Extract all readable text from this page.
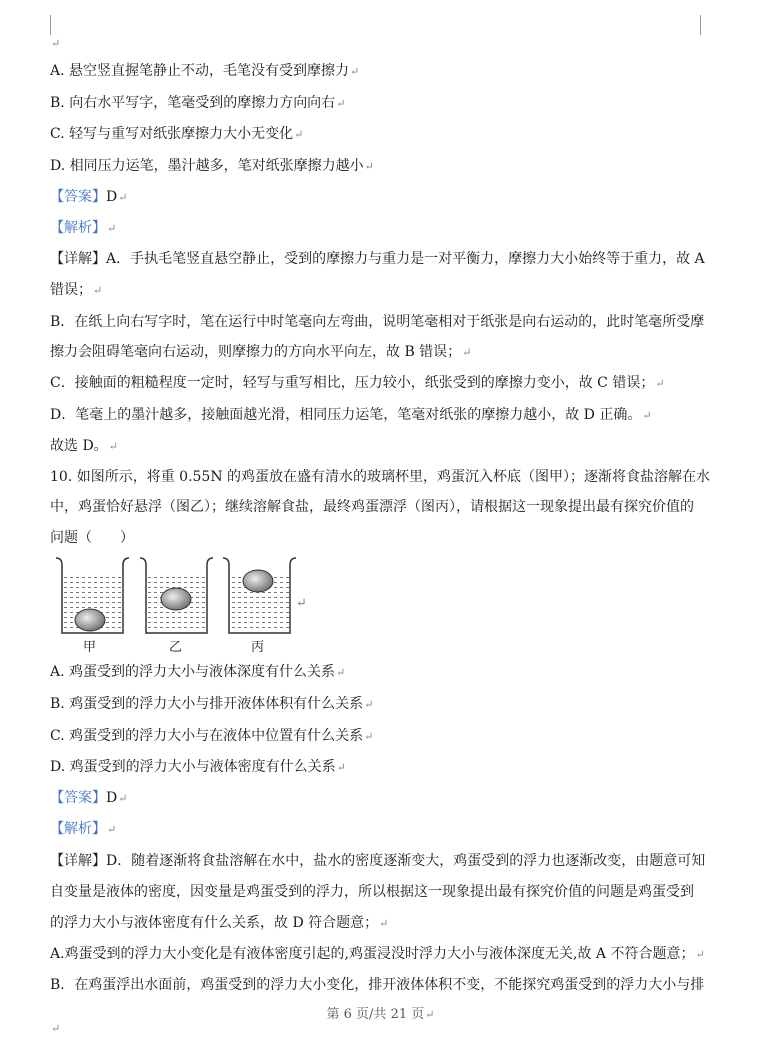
↵
A. 悬空竖直握笔静止不动，毛笔没有受到摩擦力↵
B. 向右水平写字，笔毫受到的摩擦力方向向右↵
C. 轻写与重写对纸张摩擦力大小无变化↵
D. 相同压力运笔，墨汁越多，笔对纸张摩擦力越小↵
【答案】D↵
【解析】↵
【详解】A．手执毛笔竖直悬空静止，受到的摩擦力与重力是一对平衡力，摩擦力大小始终等于重力，故 A
错误；↵
B．在纸上向右写字时，笔在运行中时笔毫向左弯曲，说明笔毫相对于纸张是向右运动的，此时笔毫所受摩
擦力会阻碍笔毫向右运动，则摩擦力的方向水平向左，故 B 错误；↵
C．接触面的粗糙程度一定时，轻写与重写相比，压力较小，纸张受到的摩擦力变小，故 C 错误；↵
D．笔毫上的墨汁越多，接触面越光滑，相同压力运笔，笔毫对纸张的摩擦力越小，故 D 正确。↵
故选 D。↵
10. 如图所示，将重 0.55N 的鸡蛋放在盛有清水的玻璃杯里，鸡蛋沉入杯底（图甲）；逐渐将食盐溶解在水
中，鸡蛋恰好悬浮（图乙）；继续溶解食盐，最终鸡蛋漂浮（图丙），请根据这一现象提出最有探究价值的
问题（　　）
甲	乙	丙
↵
A. 鸡蛋受到的浮力大小与液体深度有什么关系↵
B. 鸡蛋受到的浮力大小与排开液体体积有什么关系↵
C. 鸡蛋受到的浮力大小与在液体中位置有什么关系↵
D. 鸡蛋受到的浮力大小与液体密度有什么关系↵
【答案】D↵
【解析】↵
【详解】D．随着逐渐将食盐溶解在水中，盐水的密度逐渐变大，鸡蛋受到的浮力也逐渐改变，由题意可知
自变量是液体的密度，因变量是鸡蛋受到的浮力，所以根据这一现象提出最有探究价值的问题是鸡蛋受到
的浮力大小与液体密度有什么关系，故 D 符合题意；↵
A.鸡蛋受到的浮力大小变化是有液体密度引起的,鸡蛋浸没时浮力大小与液体深度无关,故 A 不符合题意；↵
B．在鸡蛋浮出水面前，鸡蛋受到的浮力大小变化，排开液体体积不变，不能探究鸡蛋受到的浮力大小与排
第 6 页/共 21 页↵
↵
